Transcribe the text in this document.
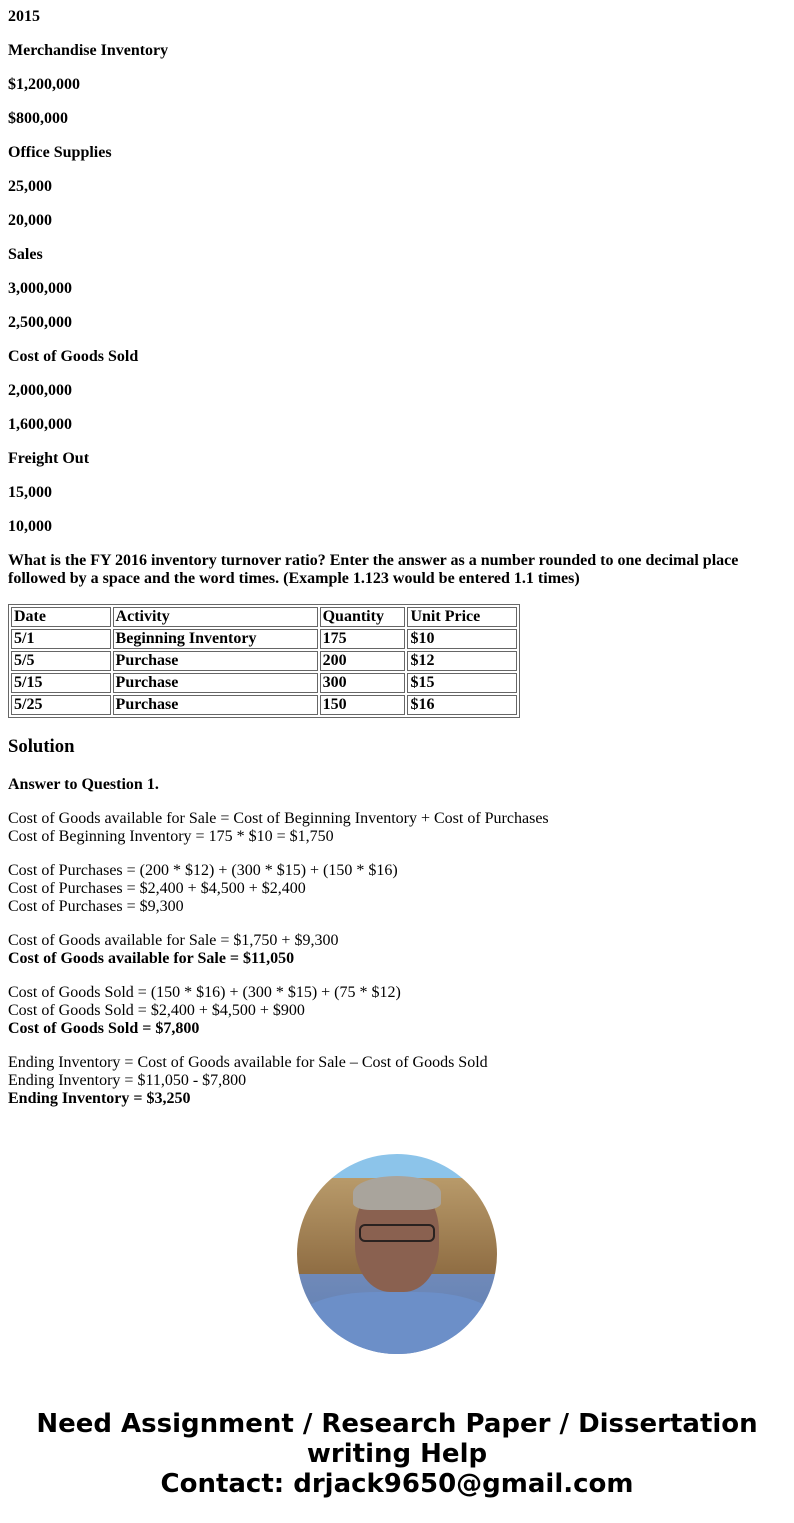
2015

Merchandise Inventory

$1,200,000

$800,000

Office Supplies

25,000

20,000

Sales

3,000,000

2,500,000

Cost of Goods Sold

2,000,000

1,600,000

Freight Out

15,000

10,000

What is the FY 2016 inventory turnover ratio? Enter the answer as a number rounded to one decimal place followed by a space and the word times. (Example 1.123 would be entered 1.1 times)

Date	Activity	Quantity	Unit Price
5/1	Beginning Inventory	175	$10
5/5	Purchase	200	$12
5/15	Purchase	300	$15
5/25	Purchase	150	$16
Solution

Answer to Question 1.

Cost of Goods available for Sale = Cost of Beginning Inventory + Cost of Purchases
Cost of Beginning Inventory = 175 * $10 = $1,750

Cost of Purchases = (200 * $12) + (300 * $15) + (150 * $16)
Cost of Purchases = $2,400 + $4,500 + $2,400
Cost of Purchases = $9,300

Cost of Goods available for Sale = $1,750 + $9,300
Cost of Goods available for Sale = $11,050

Cost of Goods Sold = (150 * $16) + (300 * $15) + (75 * $12)
Cost of Goods Sold = $2,400 + $4,500 + $900
Cost of Goods Sold = $7,800

Ending Inventory = Cost of Goods available for Sale – Cost of Goods Sold
Ending Inventory = $11,050 - $7,800
Ending Inventory = $3,250

Need Assignment / Research Paper / Dissertation writing Help
Contact: drjack9650@gmail.com
